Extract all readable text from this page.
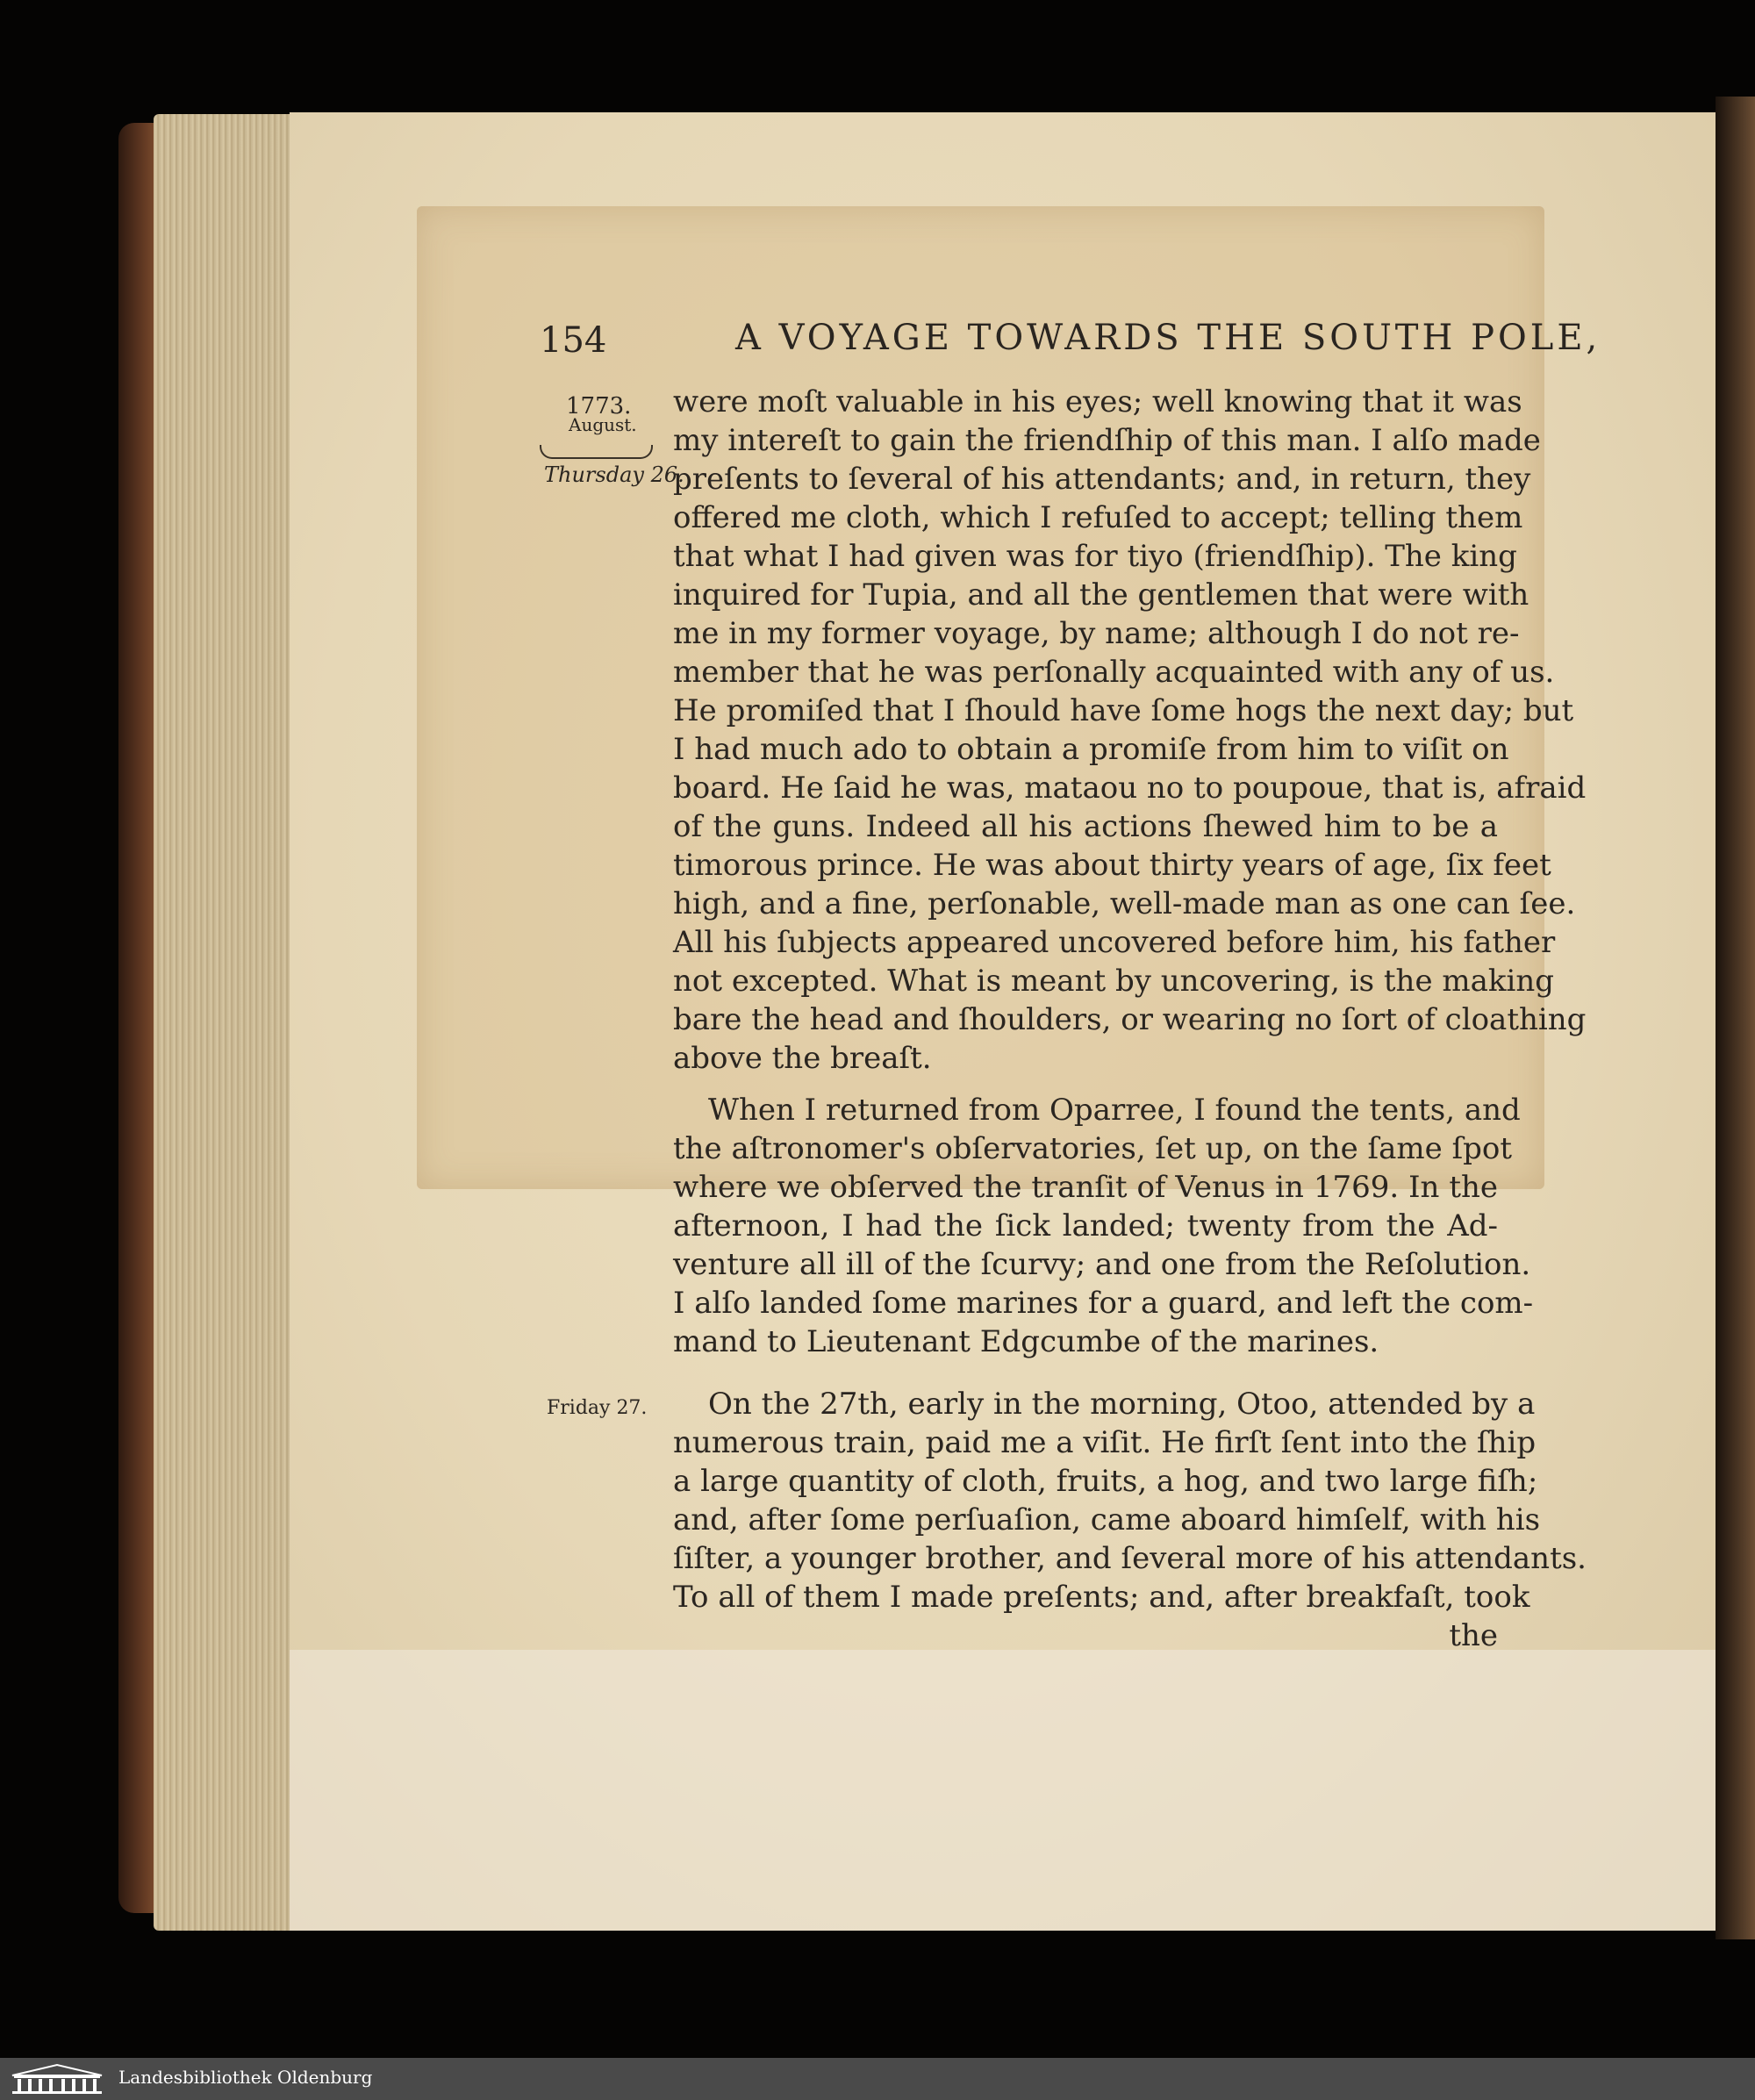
154	A VOYAGE TOWARDS THE SOUTH POLE,
1773.
August.
Thursday 26.
Friday 27.
were moſt valuable in his eyes; well knowing that it was
my intereſt to gain the friendſhip of this man. I alſo made
preſents to ſeveral of his attendants; and, in return, they
offered me cloth, which I refuſed to accept; telling them
that what I had given was for tiyo (friendſhip). The king
inquired for Tupia, and all the gentlemen that were with
me in my former voyage, by name; although I do not re-
member that he was perſonally acquainted with any of us.
He promiſed that I ſhould have ſome hogs the next day; but
I had much ado to obtain a promiſe from him to viſit on
board. He ſaid he was, mataou no to poupoue, that is, afraid
of the guns. Indeed all his actions ſhewed him to be a
timorous prince. He was about thirty years of age, ſix feet
high, and a fine, perſonable, well-made man as one can ſee.
All his ſubjects appeared uncovered before him, his father
not excepted. What is meant by uncovering, is the making
bare the head and ſhoulders, or wearing no ſort of cloathing
above the breaſt.
When I returned from Oparree, I found the tents, and
the aſtronomer's obſervatories, ſet up, on the ſame ſpot
where we obſerved the tranſit of Venus in 1769. In the
afternoon, I had the ſick landed; twenty from the Ad-
venture all ill of the ſcurvy; and one from the Reſolution.
I alſo landed ſome marines for a guard, and left the com-
mand to Lieutenant Edgcumbe of the marines.
On the 27th, early in the morning, Otoo, attended by a
numerous train, paid me a viſit. He firſt ſent into the ſhip
a large quantity of cloth, fruits, a hog, and two large fiſh;
and, after ſome perſuaſion, came aboard himſelf, with his
ſiſter, a younger brother, and ſeveral more of his attendants.
To all of them I made preſents; and, after breakfaſt, took
the
Landesbibliothek Oldenburg
